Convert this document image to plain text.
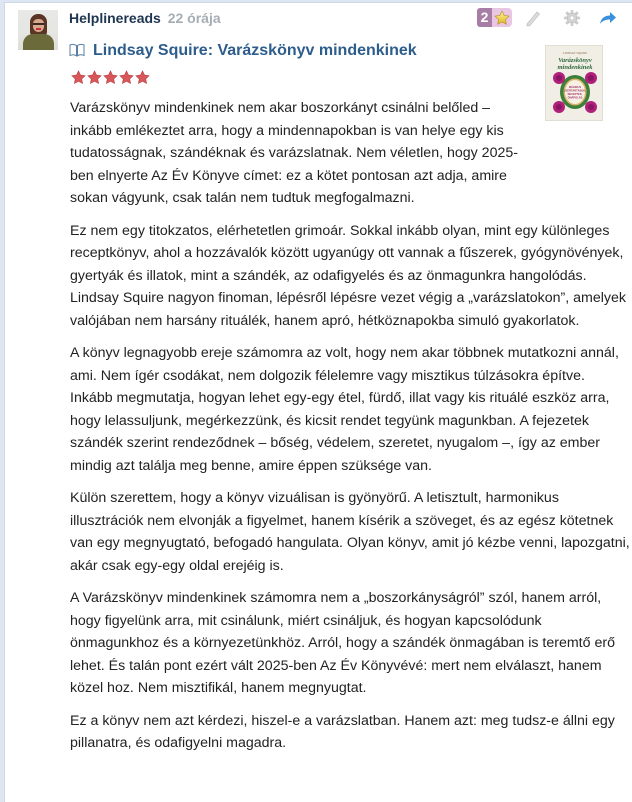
Helplinereads 22 órája	2
Lindsay Squire: Varázskönyv mindenkinek	LINDSAY SQUIRE
Varázskönyv
mindenkinek
MÁGIKUS
SZERTARTÁSOK,
RECEPTEK,
ÖNÁPOLÁS

Varázskönyv mindenkinek nem akar boszorkányt csinálni belőled – inkább emlékeztet arra, hogy a mindennapokban is van helye egy kis tudatosságnak, szándéknak és varázslatnak. Nem véletlen, hogy 2025-ben elnyerte Az Év Könyve címet: ez a kötet pontosan azt adja, amire sokan vágyunk, csak talán nem tudtuk megfogalmazni.

Ez nem egy titokzatos, elérhetetlen grimoár. Sokkal inkább olyan, mint egy különleges receptkönyv, ahol a hozzávalók között ugyanúgy ott vannak a fűszerek, gyógynövények, gyertyák és illatok, mint a szándék, az odafigyelés és az önmagunkra hangolódás. Lindsay Squire nagyon finoman, lépésről lépésre vezet végig a „varázslatokon”, amelyek valójában nem harsány rituálék, hanem apró, hétköznapokba simuló gyakorlatok.

A könyv legnagyobb ereje számomra az volt, hogy nem akar többnek mutatkozni annál, ami. Nem ígér csodákat, nem dolgozik félelemre vagy misztikus túlzásokra építve. Inkább megmutatja, hogyan lehet egy-egy étel, fürdő, illat vagy kis rituálé eszköz arra, hogy lelassuljunk, megérkezzünk, és kicsit rendet tegyünk magunkban. A fejezetek szándék szerint rendeződnek – bőség, védelem, szeretet, nyugalom –, így az ember mindig azt találja meg benne, amire éppen szüksége van.

Külön szerettem, hogy a könyv vizuálisan is gyönyörű. A letisztult, harmonikus illusztrációk nem elvonják a figyelmet, hanem kísérik a szöveget, és az egész kötetnek van egy megnyugtató, befogadó hangulata. Olyan könyv, amit jó kézbe venni, lapozgatni, akár csak egy-egy oldal erejéig is.

A Varázskönyv mindenkinek számomra nem a „boszorkányságról” szól, hanem arról, hogy figyelünk arra, mit csinálunk, miért csináljuk, és hogyan kapcsolódunk önmagunkhoz és a környezetünkhöz. Arról, hogy a szándék önmagában is teremtő erő lehet. És talán pont ezért vált 2025-ben Az Év Könyvévé: mert nem elválaszt, hanem közel hoz. Nem misztifikál, hanem megnyugtat.

Ez a könyv nem azt kérdezi, hiszel-e a varázslatban. Hanem azt: meg tudsz-e állni egy pillanatra, és odafigyelni magadra.
